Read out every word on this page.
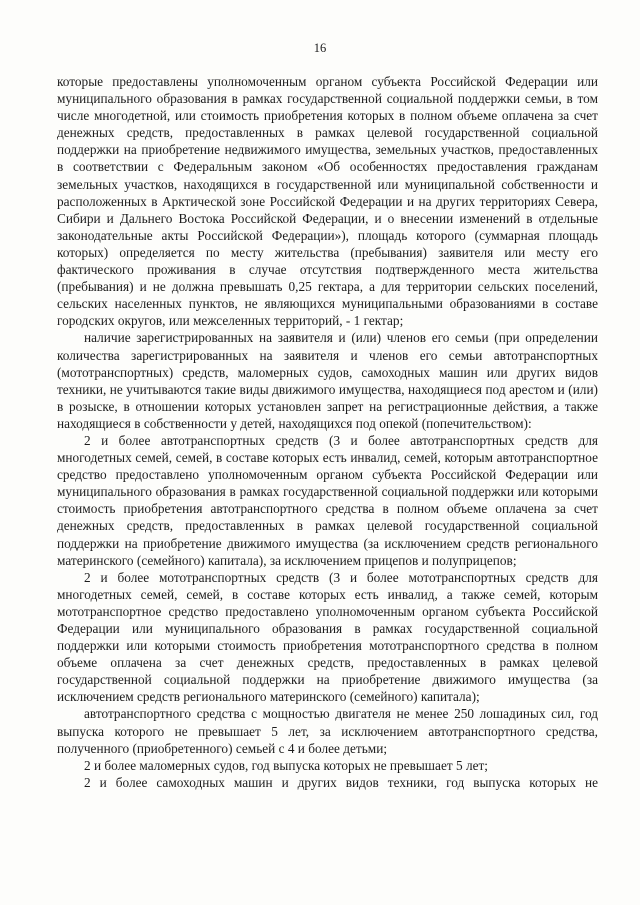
16

которые предоставлены уполномоченным органом субъекта Российской Федерации или муниципального образования в рамках государственной социальной поддержки семьи, в том числе многодетной, или стоимость приобретения которых в полном объеме оплачена за счет денежных средств, предоставленных в рамках целевой государственной социальной поддержки на приобретение недвижимого имущества, земельных участков, предоставленных в соответствии с Федеральным законом «Об особенностях предоставления гражданам земельных участков, находящихся в государственной или муниципальной собственности и расположенных в Арктической зоне Российской Федерации и на других территориях Севера, Сибири и Дальнего Востока Российской Федерации, и о внесении изменений в отдельные законодательные акты Российской Федерации»), площадь которого (суммарная площадь которых) определяется по месту жительства (пребывания) заявителя или месту его фактического проживания в случае отсутствия подтвержденного места жительства (пребывания) и не должна превышать 0,25 гектара, а для территории сельских поселений, сельских населенных пунктов, не являющихся муниципальными образованиями в составе городских округов, или межселенных территорий, - 1 гектар;

наличие зарегистрированных на заявителя и (или) членов его семьи (при определении количества зарегистрированных на заявителя и членов его семьи автотранспортных (мототранспортных) средств, маломерных судов, самоходных машин или других видов техники, не учитываются такие виды движимого имущества, находящиеся под арестом и (или) в розыске, в отношении которых установлен запрет на регистрационные действия, а также находящиеся в собственности у детей, находящихся под опекой (попечительством):

2 и более автотранспортных средств (3 и более автотранспортных средств для многодетных семей, семей, в составе которых есть инвалид, семей, которым автотранспортное средство предоставлено уполномоченным органом субъекта Российской Федерации или муниципального образования в рамках государственной социальной поддержки или которыми стоимость приобретения автотранспортного средства в полном объеме оплачена за счет денежных средств, предоставленных в рамках целевой государственной социальной поддержки на приобретение движимого имущества (за исключением средств регионального материнского (семейного) капитала), за исключением прицепов и полуприцепов;

2 и более мототранспортных средств (3 и более мототранспортных средств для многодетных семей, семей, в составе которых есть инвалид, а также семей, которым мототранспортное средство предоставлено уполномоченным органом субъекта Российской Федерации или муниципального образования в рамках государственной социальной поддержки или которыми стоимость приобретения мототранспортного средства в полном объеме оплачена за счет денежных средств, предоставленных в рамках целевой государственной социальной поддержки на приобретение движимого имущества (за исключением средств регионального материнского (семейного) капитала);

автотранспортного средства с мощностью двигателя не менее 250 лошадиных сил, год выпуска которого не превышает 5 лет, за исключением автотранспортного средства, полученного (приобретенного) семьей с 4 и более детьми;

2 и более маломерных судов, год выпуска которых не превышает 5 лет;

2 и более самоходных машин и других видов техники, год выпуска которых не
